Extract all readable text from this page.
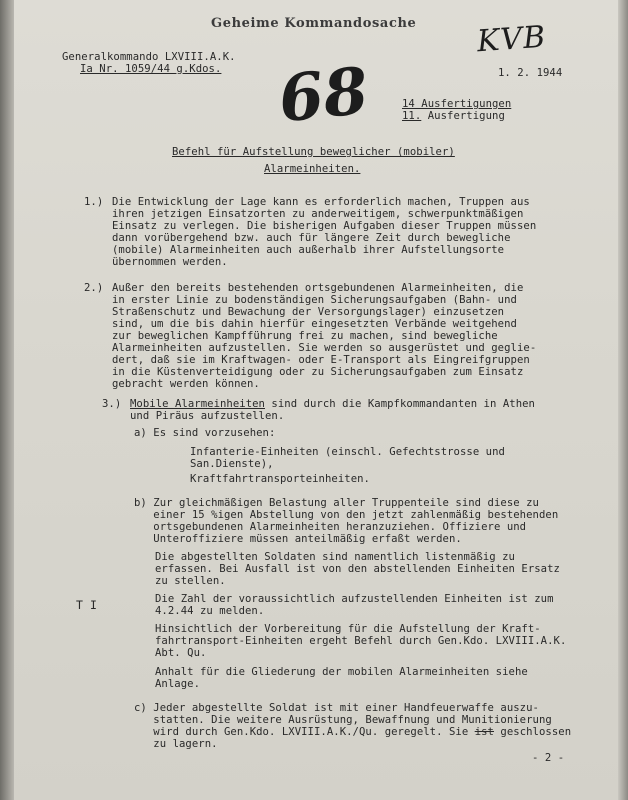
Geheime Kommandosache
Generalkommando LXVIII.A.K.
Ia Nr. 1059/44 g.Kdos. 68
KVB
1. 2. 1944
14 Ausfertigungen
11. Ausfertigung
Befehl für Aufstellung beweglicher (mobiler)
Alarmeinheiten.
1.) Die Entwicklung der Lage kann es erforderlich machen, Truppen aus
ihren jetzigen Einsatzorten zu anderweitigem, schwerpunktmäßigen
Einsatz zu verlegen. Die bisherigen Aufgaben dieser Truppen müssen
dann vorübergehend bzw. auch für längere Zeit durch bewegliche
(mobile) Alarmeinheiten auch außerhalb ihrer Aufstellungsorte
übernommen werden.
2.) Außer den bereits bestehenden ortsgebundenen Alarmeinheiten, die
in erster Linie zu bodenständigen Sicherungsaufgaben (Bahn- und
Straßenschutz und Bewachung der Versorgungslager) einzusetzen
sind, um die bis dahin hierfür eingesetzten Verbände weitgehend
zur beweglichen Kampfführung frei zu machen, sind bewegliche
Alarmeinheiten aufzustellen. Sie werden so ausgerüstet und geglie-
dert, daß sie im Kraftwagen- oder E-Transport als Eingreifgruppen
in die Küstenverteidigung oder zu Sicherungsaufgaben zum Einsatz
gebracht werden können.
3.) Mobile Alarmeinheiten sind durch die Kampfkommandanten in Athen
und Piräus aufzustellen.
a) Es sind vorzusehen:
Infanterie-Einheiten (einschl. Gefechtstrosse und
San.Dienste),
Kraftfahrtransporteinheiten.
b) Zur gleichmäßigen Belastung aller Truppenteile sind diese zu
einer 15 %igen Abstellung von den jetzt zahlenmäßig bestehenden
ortsgebundenen Alarmeinheiten heranzuziehen. Offiziere und
Unteroffiziere müssen anteilmäßig erfaßt werden.
Die abgestellten Soldaten sind namentlich listenmäßig zu
erfassen. Bei Ausfall ist von den abstellenden Einheiten Ersatz
zu stellen.
T I	Die Zahl der voraussichtlich aufzustellenden Einheiten ist zum
4.2.44 zu melden.
Hinsichtlich der Vorbereitung für die Aufstellung der Kraft-
fahrtransport-Einheiten ergeht Befehl durch Gen.Kdo. LXVIII.A.K.
Abt. Qu.
Anhalt für die Gliederung der mobilen Alarmeinheiten siehe
Anlage.
c) Jeder abgestellte Soldat ist mit einer Handfeuerwaffe auszu-
statten. Die weitere Ausrüstung, Bewaffnung und Munitionierung
wird durch Gen.Kdo. LXVIII.A.K./Qu. geregelt. Sie ist geschlossen
zu lagern.
- 2 -
